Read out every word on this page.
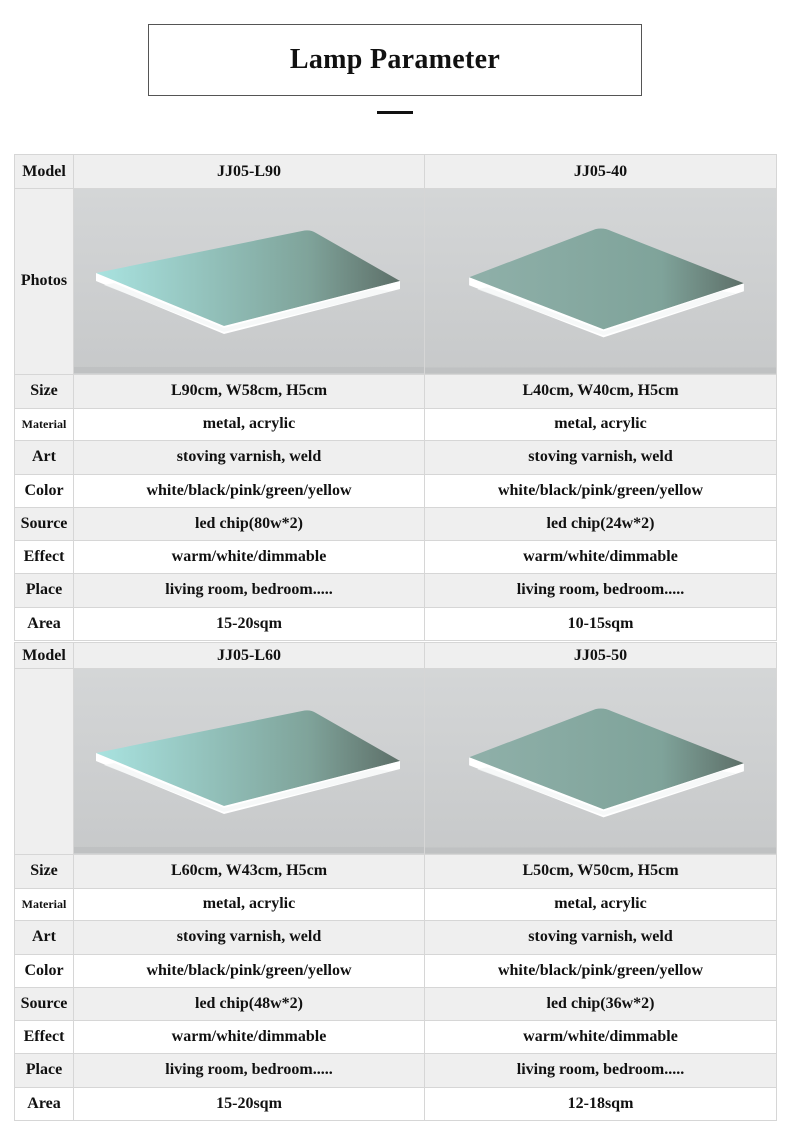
Lamp Parameter
Model	JJ05-L90	JJ05-40
Photos	

Size	L90cm, W58cm, H5cm	L40cm, W40cm, H5cm
Material	metal, acrylic	metal, acrylic
Art	stoving varnish, weld	stoving varnish, weld
Color	white/black/pink/green/yellow	white/black/pink/green/yellow
Source	led chip(80w*2)	led chip(24w*2)
Effect	warm/white/dimmable	warm/white/dimmable
Place	living room, bedroom.....	living room, bedroom.....
Area	15-20sqm	10-15sqm
Model	JJ05-L60	JJ05-50

Size	L60cm, W43cm, H5cm	L50cm, W50cm, H5cm
Material	metal, acrylic	metal, acrylic
Art	stoving varnish, weld	stoving varnish, weld
Color	white/black/pink/green/yellow	white/black/pink/green/yellow
Source	led chip(48w*2)	led chip(36w*2)
Effect	warm/white/dimmable	warm/white/dimmable
Place	living room, bedroom.....	living room, bedroom.....
Area	15-20sqm	12-18sqm
